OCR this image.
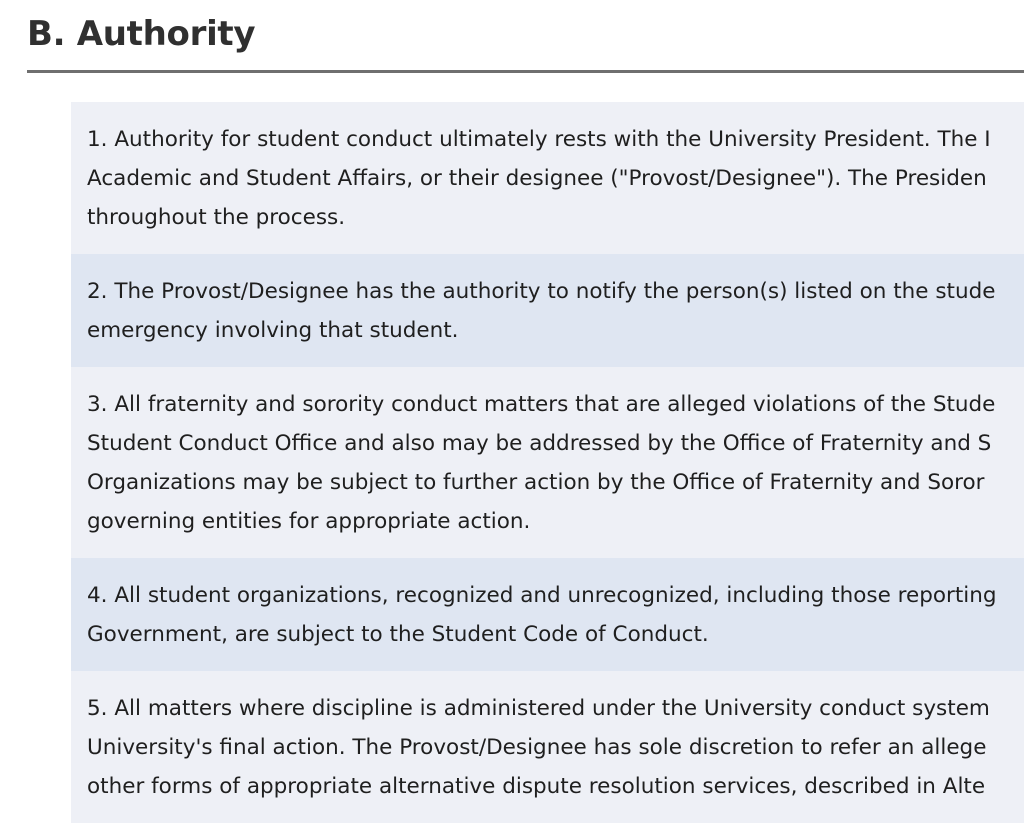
B. Authority
1. Authority for student conduct ultimately rests with the University President. The I
Academic and Student Affairs, or their designee ("Provost/Designee"). The Presiden
throughout the process.
2. The Provost/Designee has the authority to notify the person(s) listed on the stude
emergency involving that student.
3. All fraternity and sorority conduct matters that are alleged violations of the Stude
Student Conduct Office and also may be addressed by the Office of Fraternity and S
Organizations may be subject to further action by the Office of Fraternity and Soror
governing entities for appropriate action.
4. All student organizations, recognized and unrecognized, including those reporting
Government, are subject to the Student Code of Conduct.
5. All matters where discipline is administered under the University conduct system
University's final action. The Provost/Designee has sole discretion to refer an allege
other forms of appropriate alternative dispute resolution services, described in Alte
